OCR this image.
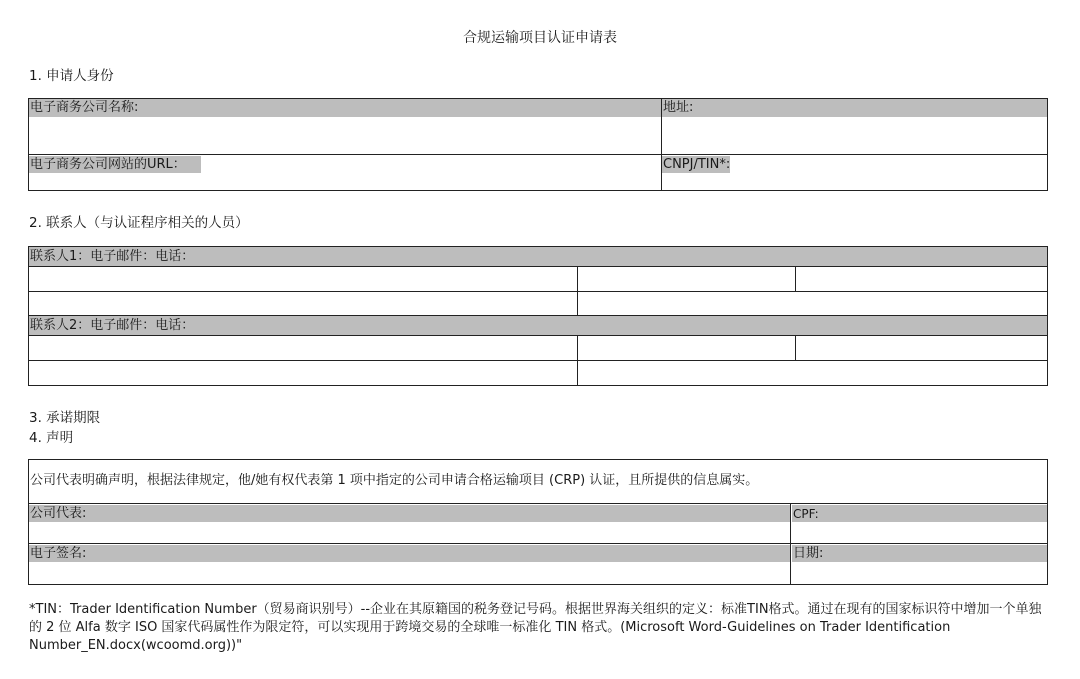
合规运输项目认证申请表
1. 申请人身份
电子商务公司名称:	地址:
电子商务公司网站的URL：	CNPJ/TIN*:
2. 联系人（与认证程序相关的人员）
联系人1：电子邮件：电话：
联系人2：电子邮件：电话：
3. 承诺期限
4. 声明
公司代表明确声明，根据法律规定，他/她有权代表第 1 项中指定的公司申请合格运输项目 (CRP) 认证，且所提供的信息属实。
公司代表:	CPF:
电子签名:	日期:
*TIN：Trader Identification Number（贸易商识别号）--企业在其原籍国的税务登记号码。根据世界海关组织的定义：标准TIN格式。通过在现有的国家标识符中增加一个单独的 2 位 Alfa 数字 ISO 国家代码属性作为限定符，可以实现用于跨境交易的全球唯一标准化 TIN 格式。(Microsoft Word-Guidelines on Trader Identification Number_EN.docx(wcoomd.org))"
